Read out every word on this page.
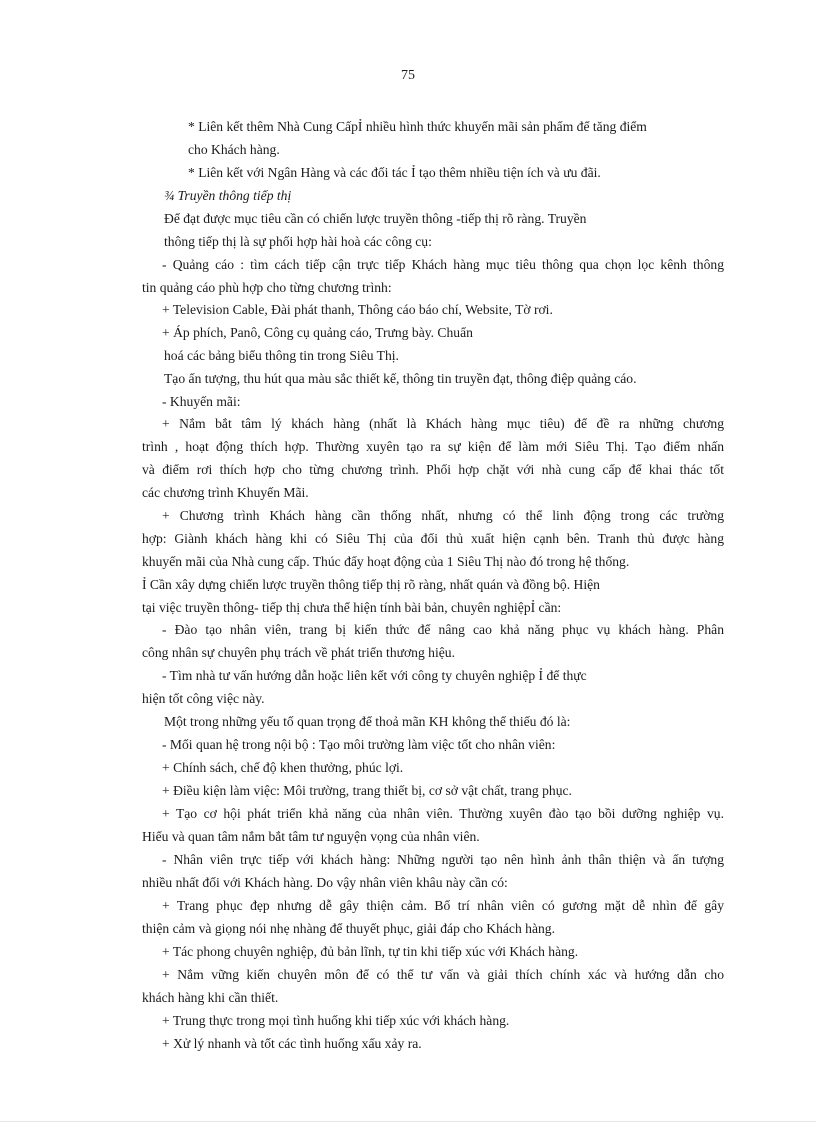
75
* Liên kết thêm Nhà Cung CấpỈ nhiều hình thức khuyến mãi sản phẩm để tăng điểm
cho Khách hàng.
* Liên kết với Ngân Hàng và các đối tác Ỉ tạo thêm nhiều tiện ích và ưu đãi.
¾ Truyền thông tiếp thị
Để đạt được mục tiêu cần có chiến lược truyền thông -tiếp thị rõ ràng. Truyền
thông tiếp thị là sự phối hợp hài hoà các công cụ:
- Quảng cáo : tìm cách tiếp cận trực tiếp Khách hàng mục tiêu thông qua chọn lọc kênh thông
tin quảng cáo phù hợp cho từng chương trình:
+ Television Cable, Đài phát thanh, Thông cáo báo chí, Website, Tờ rơi.
+ Áp phích, Panô, Công cụ quảng cáo, Trưng bày. Chuẩn
hoá các bảng biểu thông tin trong Siêu Thị.
Tạo ấn tượng, thu hút qua màu sắc thiết kế, thông tin truyền đạt, thông điệp quảng cáo.
- Khuyến mãi:
+ Nắm bắt tâm lý khách hàng (nhất là Khách hàng mục tiêu) để đề ra những chương
trình , hoạt động thích hợp. Thường xuyên tạo ra sự kiện để làm mới Siêu Thị. Tạo điểm nhấn
và điểm rơi thích hợp cho từng chương trình. Phối hợp chặt với nhà cung cấp để khai thác tốt
các chương trình Khuyến Mãi.
+ Chương trình Khách hàng cần thống nhất, nhưng có thể linh động trong các trường
hợp: Giành khách hàng khi có Siêu Thị của đối thủ xuất hiện cạnh bên. Tranh thủ được hàng
khuyến mãi của Nhà cung cấp. Thúc đẩy hoạt động của 1 Siêu Thị nào đó trong hệ thống.
Ỉ Cần xây dựng chiến lược truyền thông tiếp thị rõ ràng, nhất quán và đồng bộ. Hiện
tại việc truyền thông- tiếp thị chưa thể hiện tính bài bản, chuyên nghiệpỈ cần:
- Đào tạo nhân viên, trang bị kiến thức để nâng cao khả năng phục vụ khách hàng. Phân
công nhân sự chuyên phụ trách về phát triển thương hiệu.
- Tìm nhà tư vấn hướng dẫn hoặc liên kết với công ty chuyên nghiệp Ỉ để thực
hiện tốt công việc này.
Một trong những yếu tố quan trọng để thoả mãn KH không thể thiếu đó là:
- Mối quan hệ trong nội bộ : Tạo môi trường làm việc tốt cho nhân viên:
+ Chính sách, chế độ khen thưởng, phúc lợi.
+ Điều kiện làm việc: Môi trường, trang thiết bị, cơ sở vật chất, trang phục.
+ Tạo cơ hội phát triển khả năng của nhân viên. Thường xuyên đào tạo bồi dưỡng nghiệp vụ.
Hiểu và quan tâm nắm bắt tâm tư nguyện vọng của nhân viên.
- Nhân viên trực tiếp với khách hàng: Những người tạo nên hình ảnh thân thiện và ấn tượng
nhiều nhất đối với Khách hàng. Do vậy nhân viên khâu này cần có:
+ Trang phục đẹp nhưng dễ gây thiện cảm. Bố trí nhân viên có gương mặt dễ nhìn để gây
thiện cảm và giọng nói nhẹ nhàng để thuyết phục, giải đáp cho Khách hàng.
+ Tác phong chuyên nghiệp, đủ bản lĩnh, tự tin khi tiếp xúc với Khách hàng.
+ Nắm vững kiến chuyên môn để có thể tư vấn và giải thích chính xác và hướng dẫn cho
khách hàng khi cần thiết.
+ Trung thực trong mọi tình huống khi tiếp xúc với khách hàng.
+ Xử lý nhanh và tốt các tình huống xấu xảy ra.
